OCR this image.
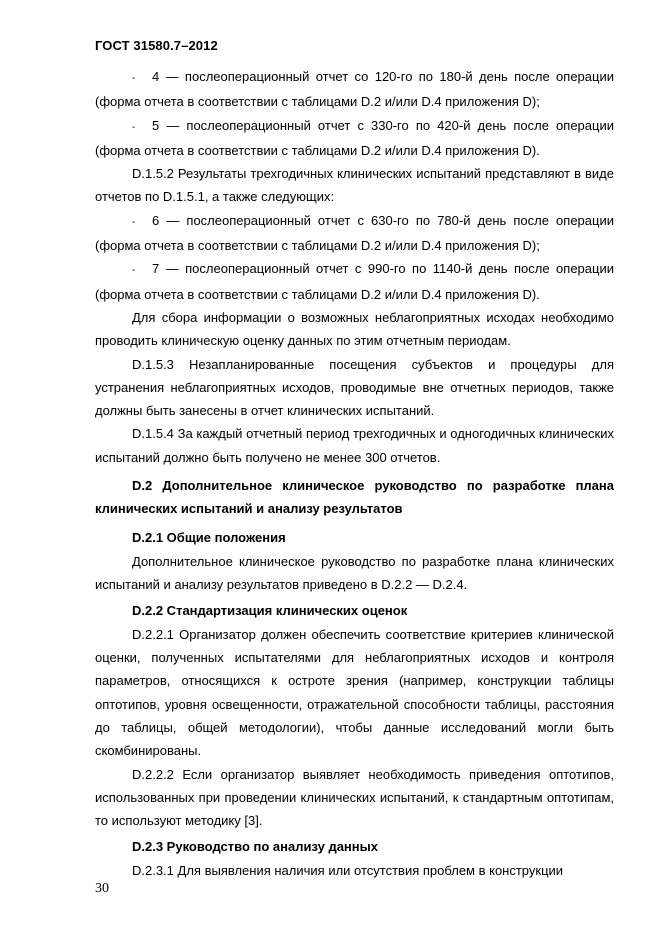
ГОСТ 31580.7–2012

- 4 — послеоперационный отчет со 120-го по 180-й день после операции (форма отчета в соответствии с таблицами D.2 и/или D.4 приложения D);

- 5 — послеоперационный отчет с 330-го по 420-й день после операции (форма отчета в соответствии с таблицами D.2 и/или D.4 приложения D).

D.1.5.2 Результаты трехгодичных клинических испытаний представляют в виде отчетов по D.1.5.1, а также следующих:

- 6 — послеоперационный отчет с 630-го по 780-й день после операции (форма отчета в соответствии с таблицами D.2 и/или D.4 приложения D);

- 7 — послеоперационный отчет с 990-го по 1140-й день после операции (форма отчета в соответствии с таблицами D.2 и/или D.4 приложения D).

Для сбора информации о возможных неблагоприятных исходах необходимо проводить клиническую оценку данных по этим отчетным периодам.

D.1.5.3 Незапланированные посещения субъектов и процедуры для устранения неблагоприятных исходов, проводимые вне отчетных периодов, также должны быть занесены в отчет клинических испытаний.

D.1.5.4 За каждый отчетный период трехгодичных и одногодичных клинических испытаний должно быть получено не менее 300 отчетов.

D.2 Дополнительное клиническое руководство по разработке плана клинических испытаний и анализу результатов

D.2.1 Общие положения

Дополнительное клиническое руководство по разработке плана клинических испытаний и анализу результатов приведено в D.2.2 — D.2.4.

D.2.2 Стандартизация клинических оценок

D.2.2.1 Организатор должен обеспечить соответствие критериев клинической оценки, полученных испытателями для неблагоприятных исходов и контроля параметров, относящихся к остроте зрения (например, конструкции таблицы оптотипов, уровня освещенности, отражательной способности таблицы, расстояния до таблицы, общей методологии), чтобы данные исследований могли быть скомбинированы.

D.2.2.2 Если организатор выявляет необходимость приведения оптотипов, использованных при проведении клинических испытаний, к стандартным оптотипам, то используют методику [3].

D.2.3 Руководство по анализу данных

D.2.3.1 Для выявления наличия или отсутствия проблем в конструкции

30
